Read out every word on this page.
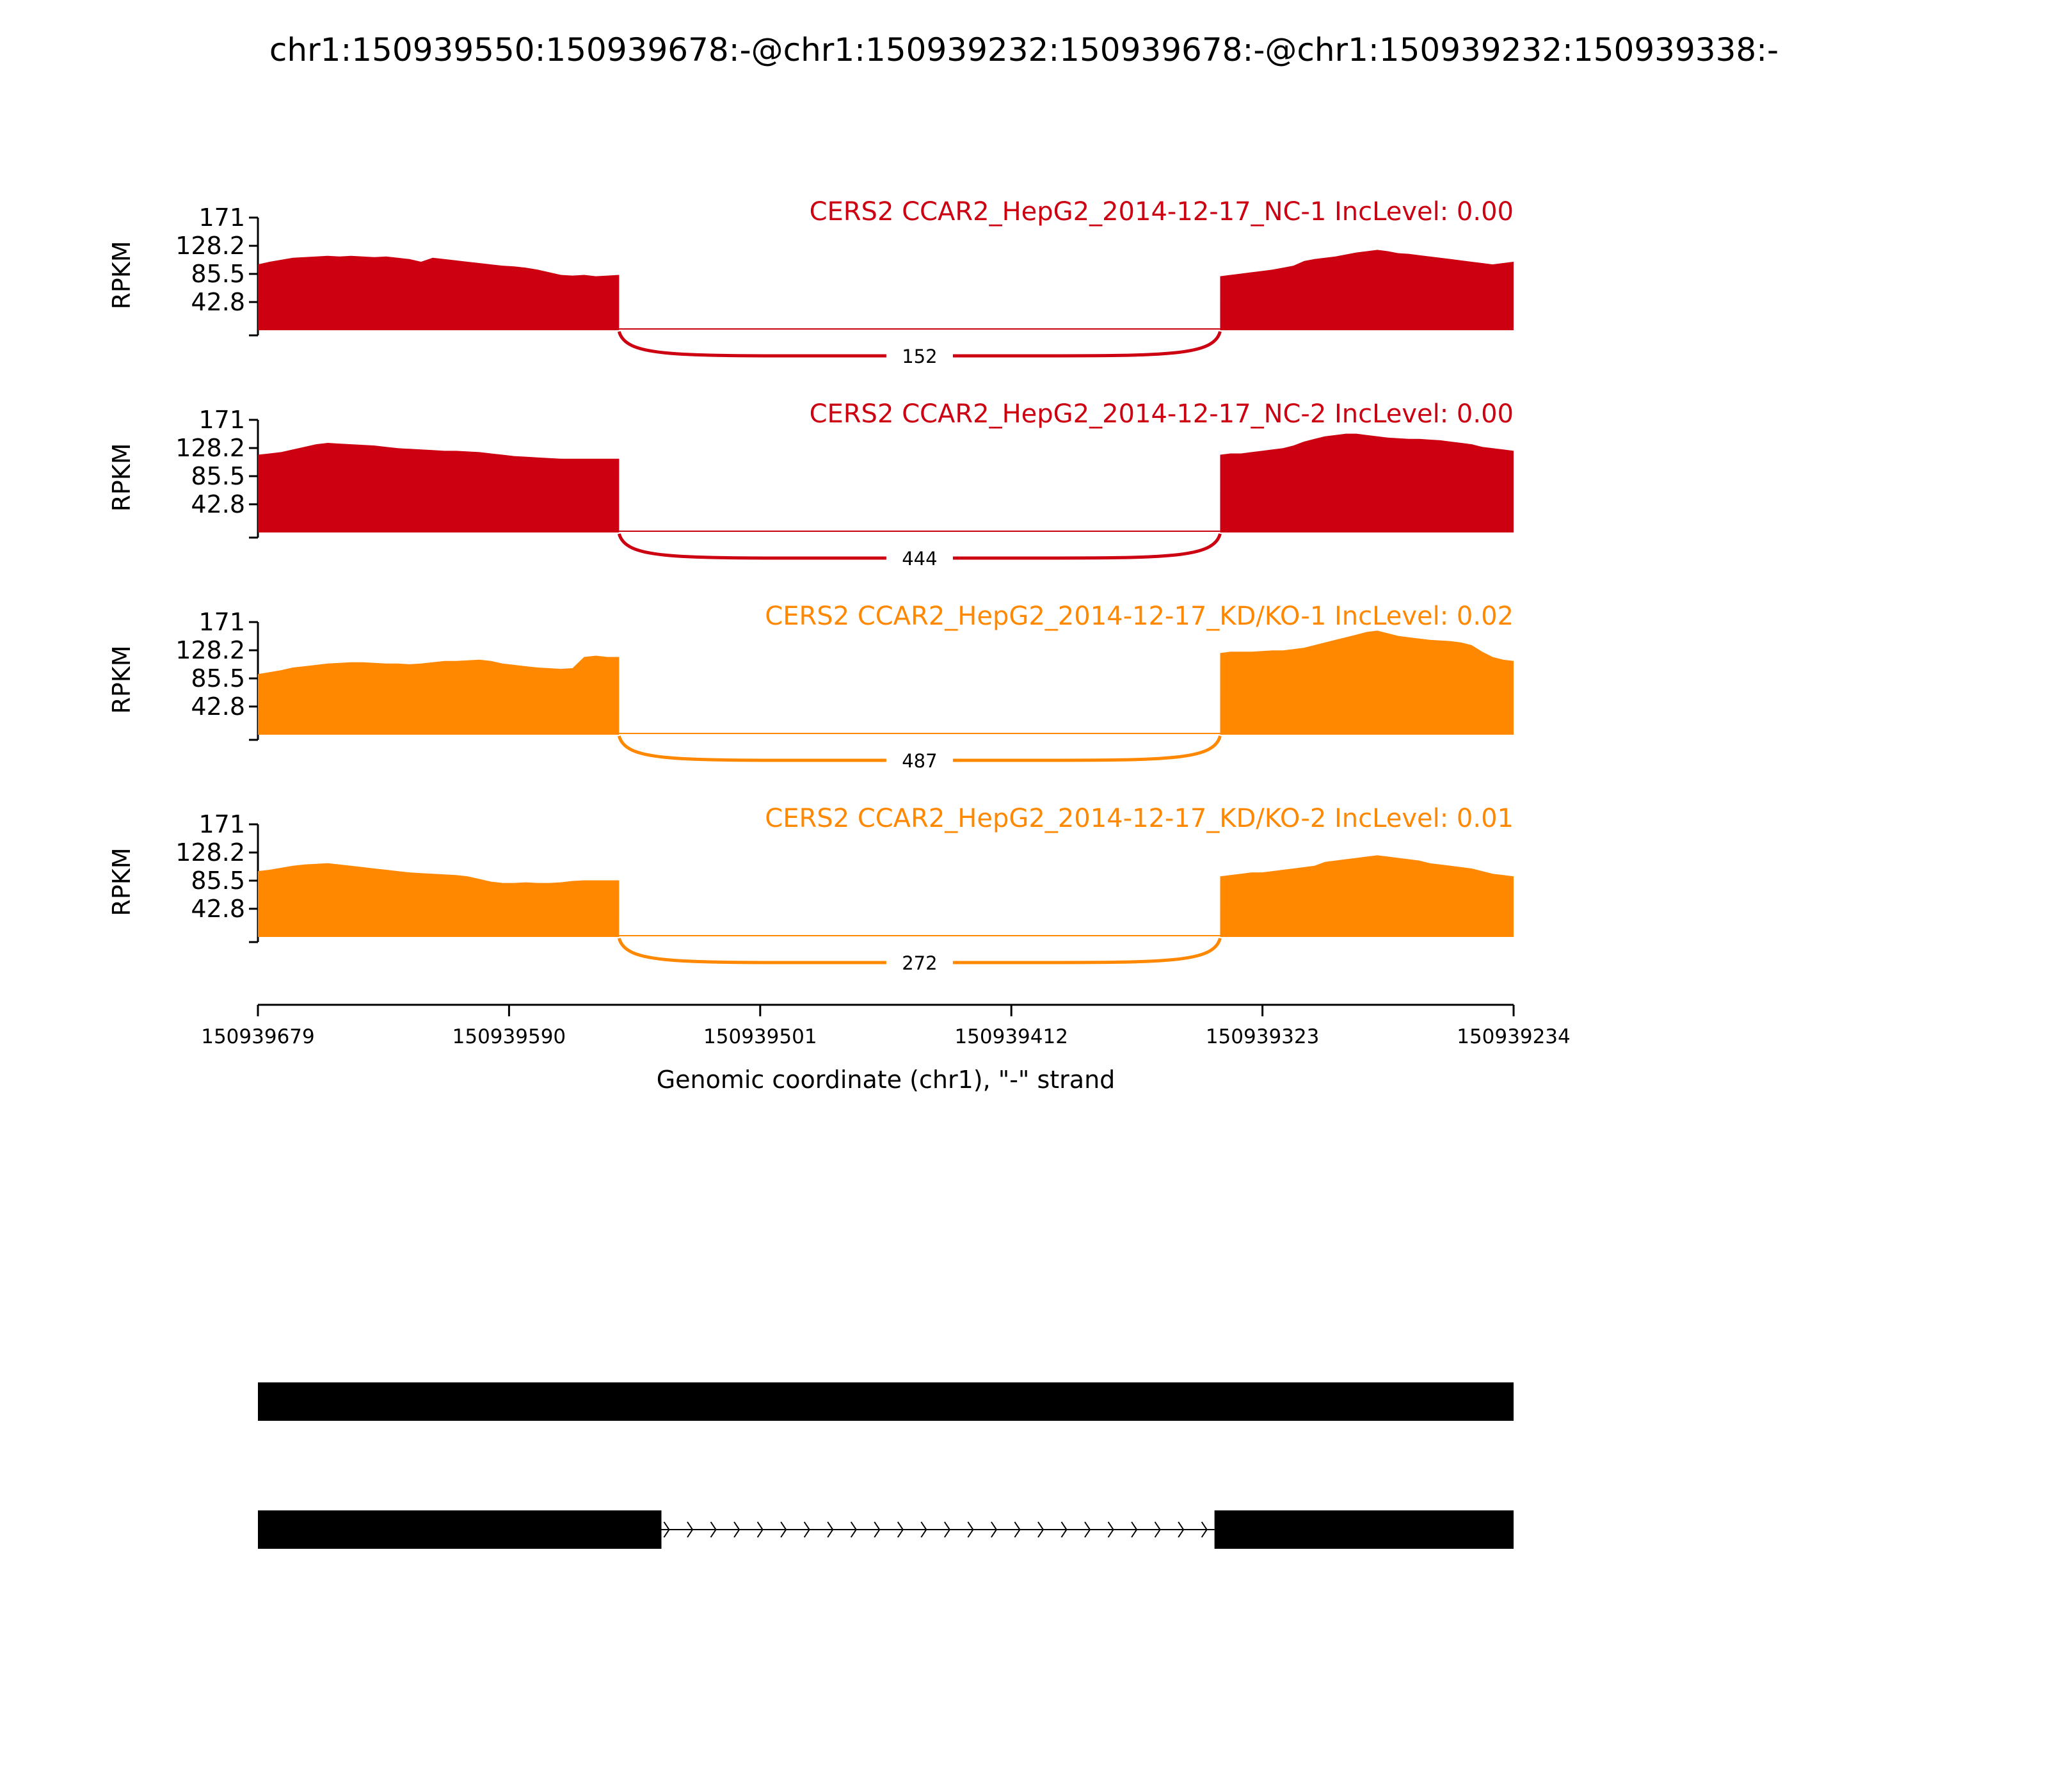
chr1:150939550:150939678:-@chr1:150939232:150939678:-@chr1:150939232:150939338:-
171
128.2
85.5
42.8
RPKM
152
CERS2 CCAR2_HepG2_2014-12-17_NC-1 IncLevel: 0.00
171
128.2
85.5
42.8
RPKM
444
CERS2 CCAR2_HepG2_2014-12-17_NC-2 IncLevel: 0.00
171
128.2
85.5
42.8
RPKM
487
CERS2 CCAR2_HepG2_2014-12-17_KD/KO-1 IncLevel: 0.02
171
128.2
85.5
42.8
RPKM
272
CERS2 CCAR2_HepG2_2014-12-17_KD/KO-2 IncLevel: 0.01
150939679	150939590	150939501	150939412	150939323	150939234
Genomic coordinate (chr1), "-" strand
